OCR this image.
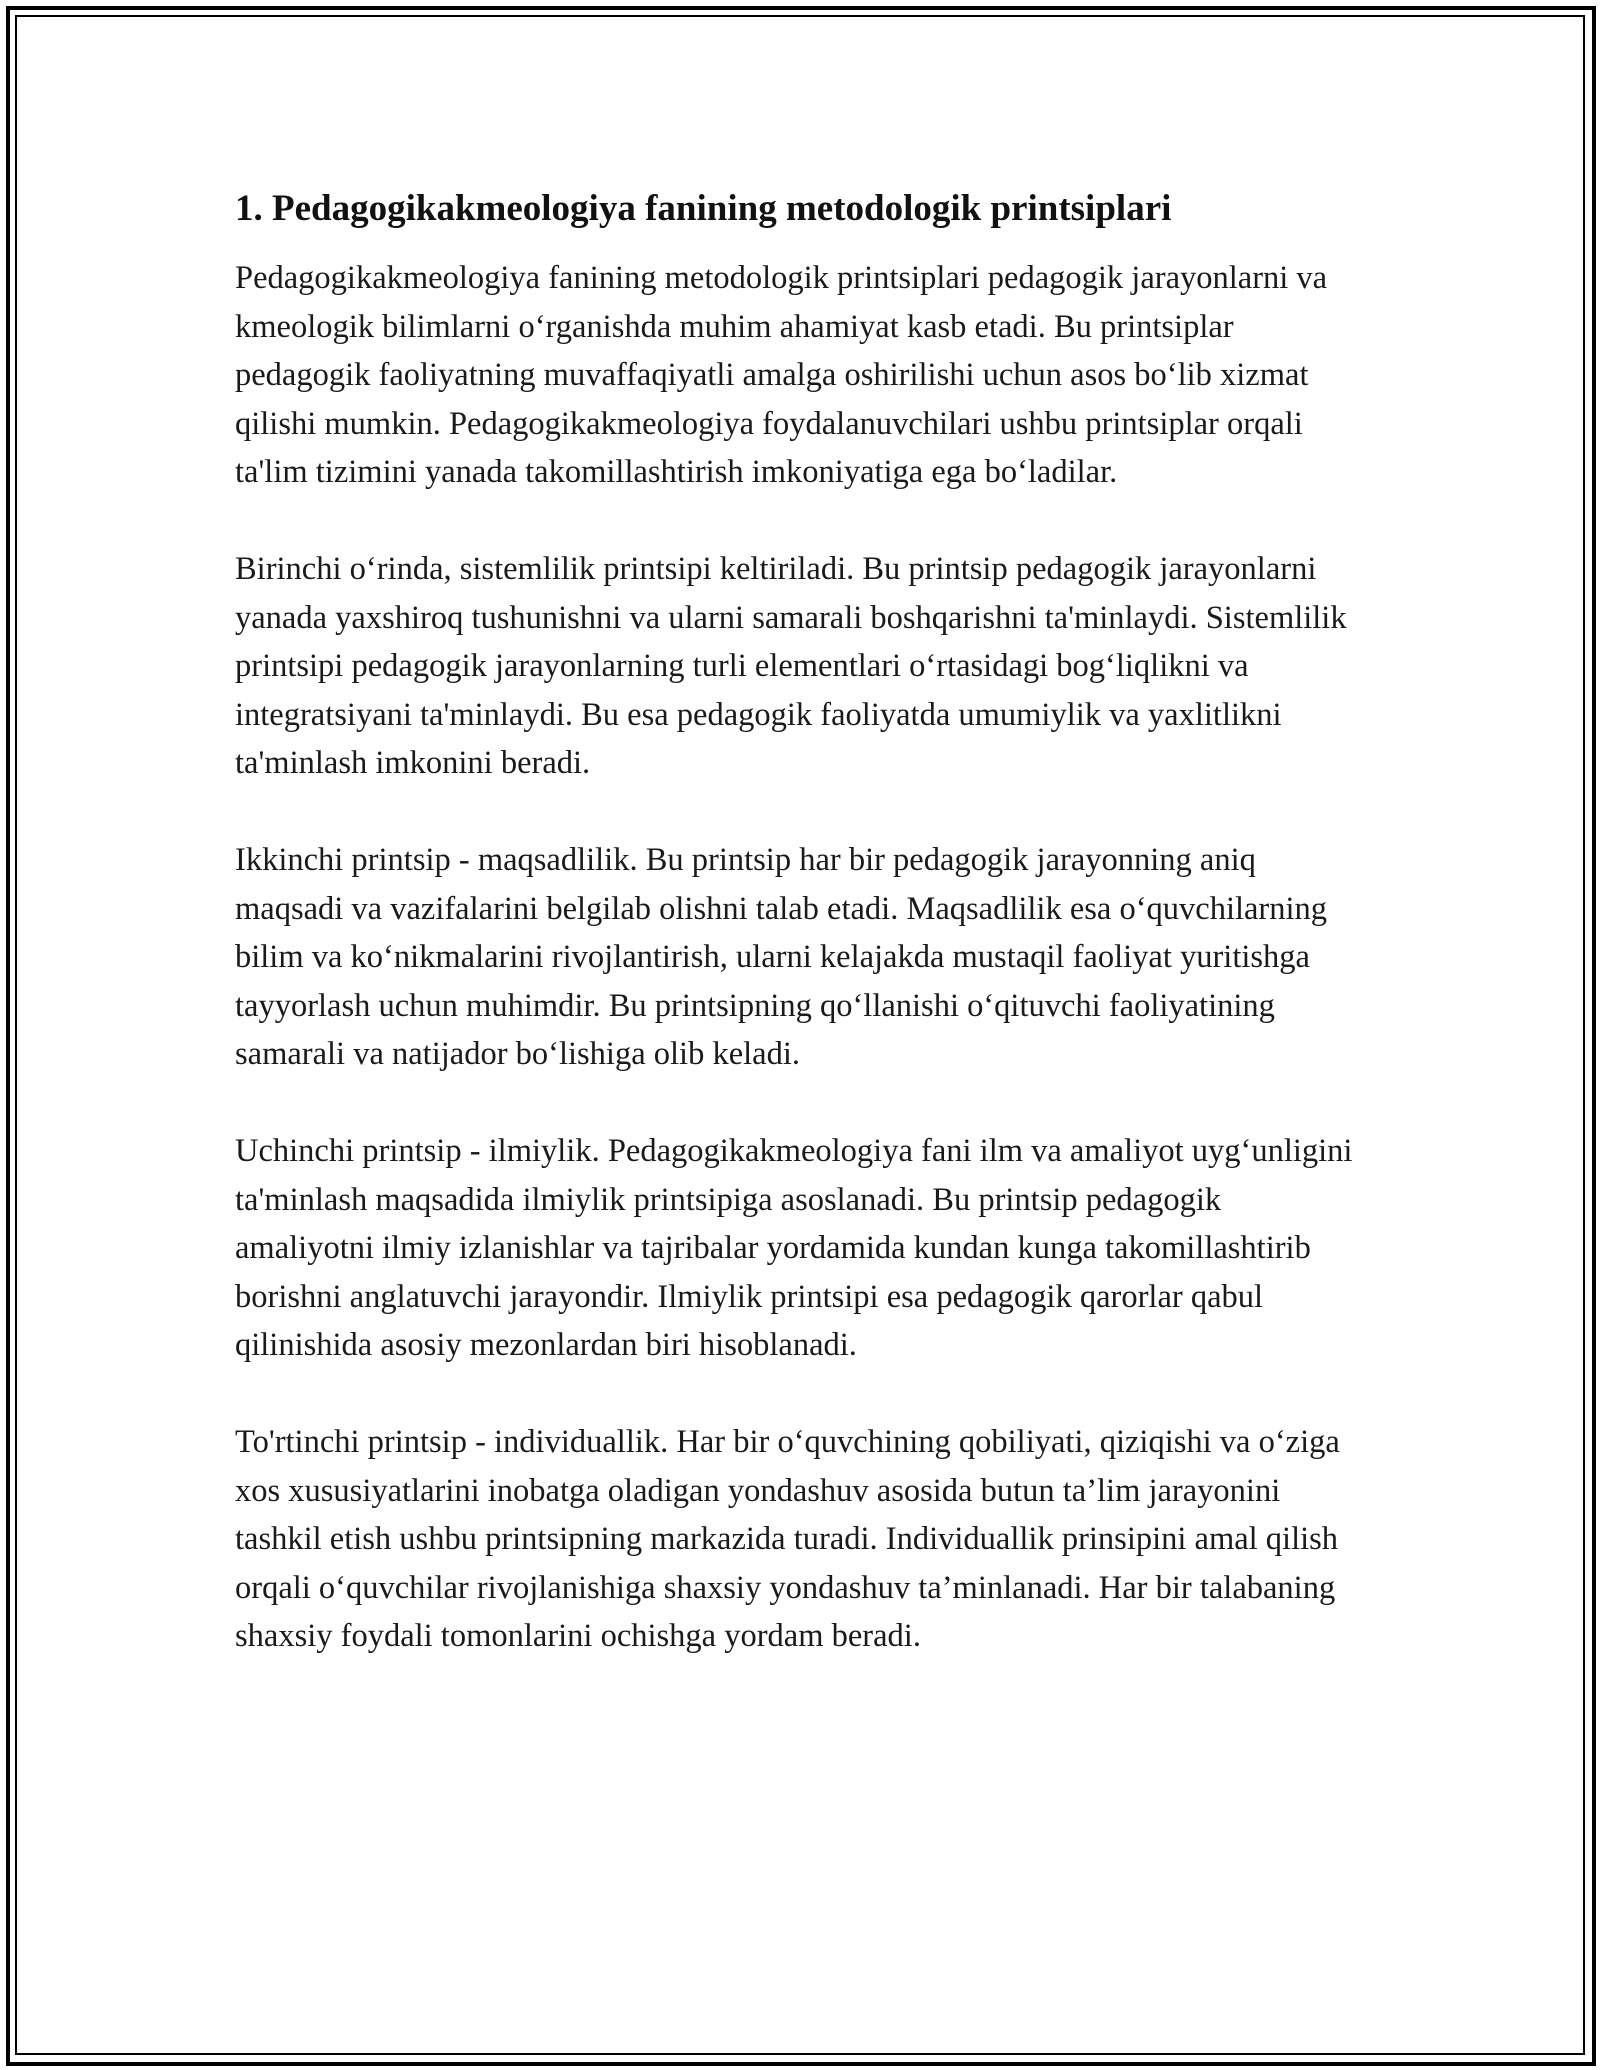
1. Pedagogikakmeologiya fanining metodologik printsiplari

Pedagogikakmeologiya fanining metodologik printsiplari pedagogik jarayonlarni va kmeologik bilimlarni o‘rganishda muhim ahamiyat kasb etadi. Bu printsiplar pedagogik faoliyatning muvaffaqiyatli amalga oshirilishi uchun asos bo‘lib xizmat qilishi mumkin. Pedagogikakmeologiya foydalanuvchilari ushbu printsiplar orqali ta'lim tizimini yanada takomillashtirish imkoniyatiga ega bo‘ladilar.

Birinchi o‘rinda, sistemlilik printsipi keltiriladi. Bu printsip pedagogik jarayonlarni yanada yaxshiroq tushunishni va ularni samarali boshqarishni ta'minlaydi. Sistemlilik printsipi pedagogik jarayonlarning turli elementlari o‘rtasidagi bog‘liqlikni va integratsiyani ta'minlaydi. Bu esa pedagogik faoliyatda umumiylik va yaxlitlikni ta'minlash imkonini beradi.

Ikkinchi printsip - maqsadlilik. Bu printsip har bir pedagogik jarayonning aniq maqsadi va vazifalarini belgilab olishni talab etadi. Maqsadlilik esa o‘quvchilarning bilim va ko‘nikmalarini rivojlantirish, ularni kelajakda mustaqil faoliyat yuritishga tayyorlash uchun muhimdir. Bu printsipning qo‘llanishi o‘qituvchi faoliyatining samarali va natijador bo‘lishiga olib keladi.

Uchinchi printsip - ilmiylik. Pedagogikakmeologiya fani ilm va amaliyot uyg‘unligini ta'minlash maqsadida ilmiylik printsipiga asoslanadi. Bu printsip pedagogik amaliyotni ilmiy izlanishlar va tajribalar yordamida kundan kunga takomillashtirib borishni anglatuvchi jarayondir. Ilmiylik printsipi esa pedagogik qarorlar qabul qilinishida asosiy mezonlardan biri hisoblanadi.

To'rtinchi printsip - individuallik. Har bir o‘quvchining qobiliyati, qiziqishi va o‘ziga xos xususiyatlarini inobatga oladigan yondashuv asosida butun ta’lim jarayonini tashkil etish ushbu printsipning markazida turadi. Individuallik prinsipini amal qilish orqali o‘quvchilar rivojlanishiga shaxsiy yondashuv ta’minlanadi. Har bir talabaning shaxsiy foydali tomonlarini ochishga yordam beradi.
